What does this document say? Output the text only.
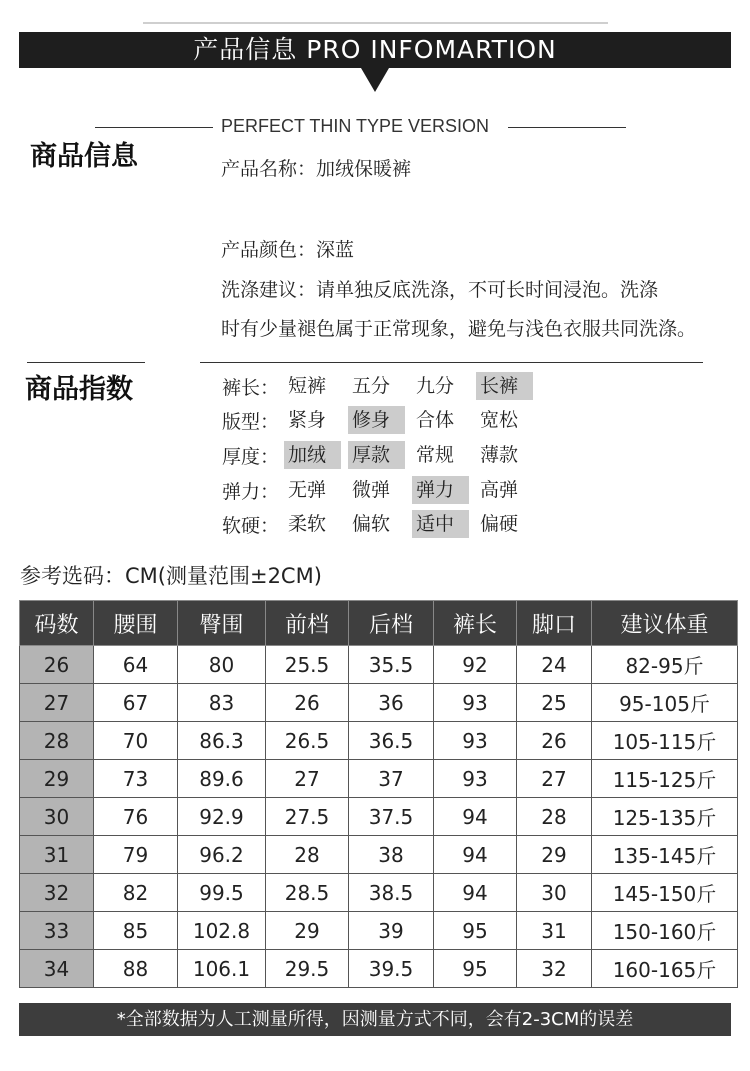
产品信息 PRO INFOMARTION
商品信息
PERFECT THIN TYPE VERSION
产品名称：加绒保暖裤
产品颜色：深蓝
洗涤建议：请单独反底洗涤，不可长时间浸泡。洗涤
时有少量褪色属于正常现象，避免与浅色衣服共同洗涤。
商品指数	裤长： 短裤	五分	九分	长裤
版型： 紧身	修身	合体	宽松
厚度： 加绒	厚款	常规	薄款
弹力： 无弹	微弹	弹力	高弹
软硬： 柔软	偏软	适中	偏硬
参考选码：CM(测量范围±2CM)
码数	腰围	臀围	前档	后档	裤长	脚口	建议体重
26	64	80	25.5	35.5	92	24	82-95斤
27	67	83	26	36	93	25	95-105斤
28	70	86.3	26.5	36.5	93	26	105-115斤
29	73	89.6	27	37	93	27	115-125斤
30	76	92.9	27.5	37.5	94	28	125-135斤
31	79	96.2	28	38	94	29	135-145斤
32	82	99.5	28.5	38.5	94	30	145-150斤
33	85	102.8	29	39	95	31	150-160斤
34	88	106.1	29.5	39.5	95	32	160-165斤
*全部数据为人工测量所得，因测量方式不同，会有2-3CM的误差
